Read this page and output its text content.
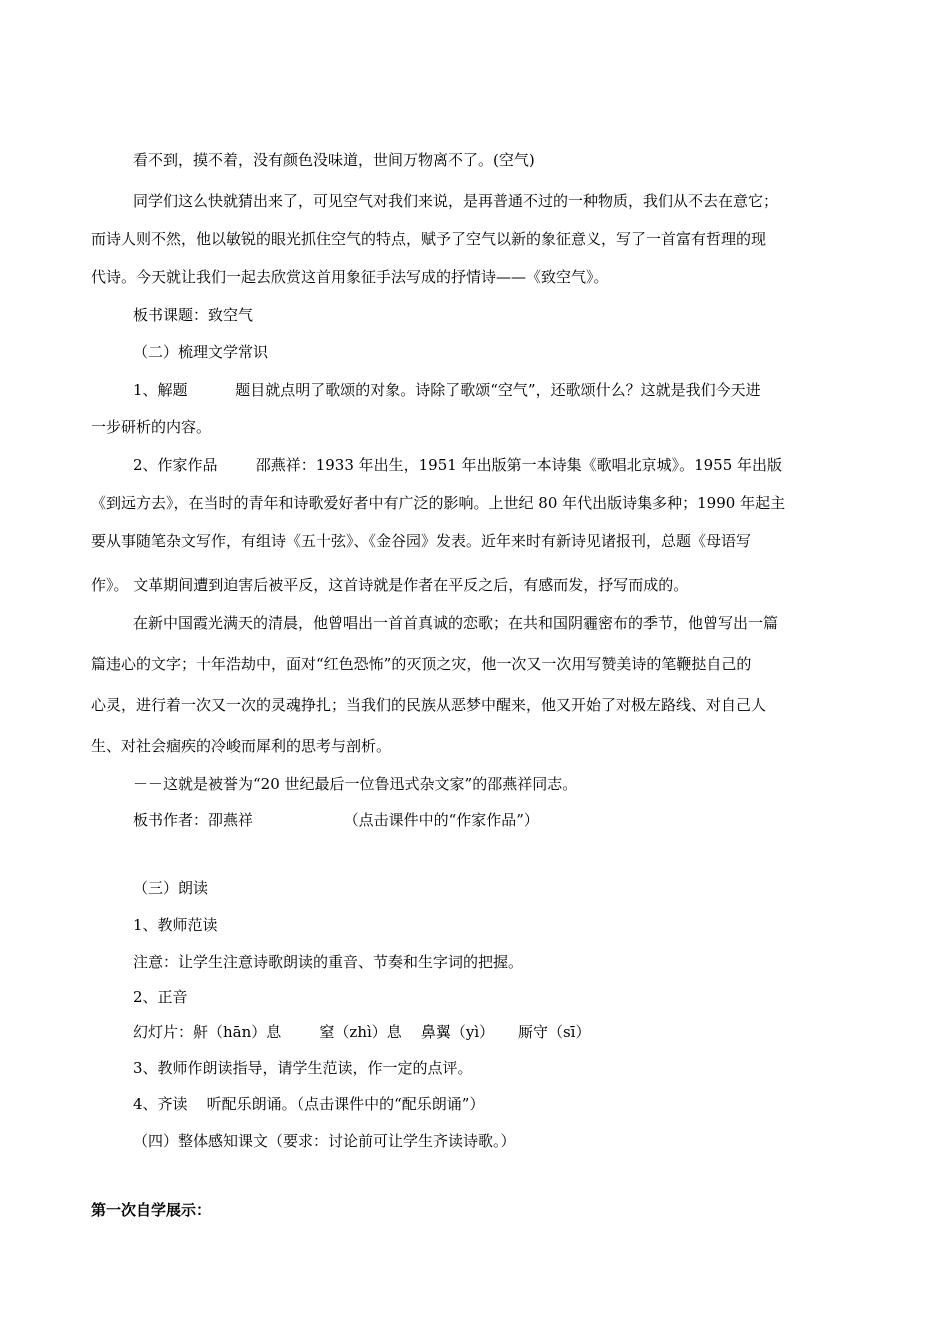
看不到，摸不着，没有颜色没味道，世间万物离不了。(空气)
同学们这么快就猜出来了，可见空气对我们来说，是再普通不过的一种物质，我们从不去在意它；
而诗人则不然，他以敏锐的眼光抓住空气的特点，赋予了空气以新的象征意义，写了一首富有哲理的现
代诗。今天就让我们一起去欣赏这首用象征手法写成的抒情诗——《致空气》。
板书课题：致空气
（二）梳理文学常识
1、解题          题目就点明了歌颂的对象。诗除了歌颂“空气”，还歌颂什么？这就是我们今天进
一步研析的内容。
2、作家作品        邵燕祥：1933 年出生，1951 年出版第一本诗集《歌唱北京城》。1955 年出版
《到远方去》，在当时的青年和诗歌爱好者中有广泛的影响。上世纪 80 年代出版诗集多种；1990 年起主
要从事随笔杂文写作，有组诗《五十弦》、《金谷园》发表。近年来时有新诗见诸报刊，总题《母语写
作》。 文革期间遭到迫害后被平反，这首诗就是作者在平反之后，有感而发，抒写而成的。
在新中国霞光满天的清晨，他曾唱出一首首真诚的恋歌；在共和国阴霾密布的季节，他曾写出一篇
篇违心的文字；十年浩劫中，面对“红色恐怖”的灭顶之灾，他一次又一次用写赞美诗的笔鞭挞自己的
心灵，进行着一次又一次的灵魂挣扎；当我们的民族从恶梦中醒来，他又开始了对极左路线、对自己人
生、对社会痼疾的冷峻而犀利的思考与剖析。
－－这就是被誉为“20 世纪最后一位鲁迅式杂文家”的邵燕祥同志。
板书作者：卲燕祥                   （点击课件中的“作家作品”）
（三）朗读
1、教师范读
注意：让学生注意诗歌朗读的重音、节奏和生字词的把握。
2、正音
幻灯片：鼾（hān）息        窒（zhì）息    鼻翼（yì）     厮守（sī）
3、教师作朗读指导，请学生范读，作一定的点评。
4、齐读    听配乐朗诵。（点击课件中的“配乐朗诵”）
（四）整体感知课文（要求：讨论前可让学生齐读诗歌。）
第一次自学展示：
